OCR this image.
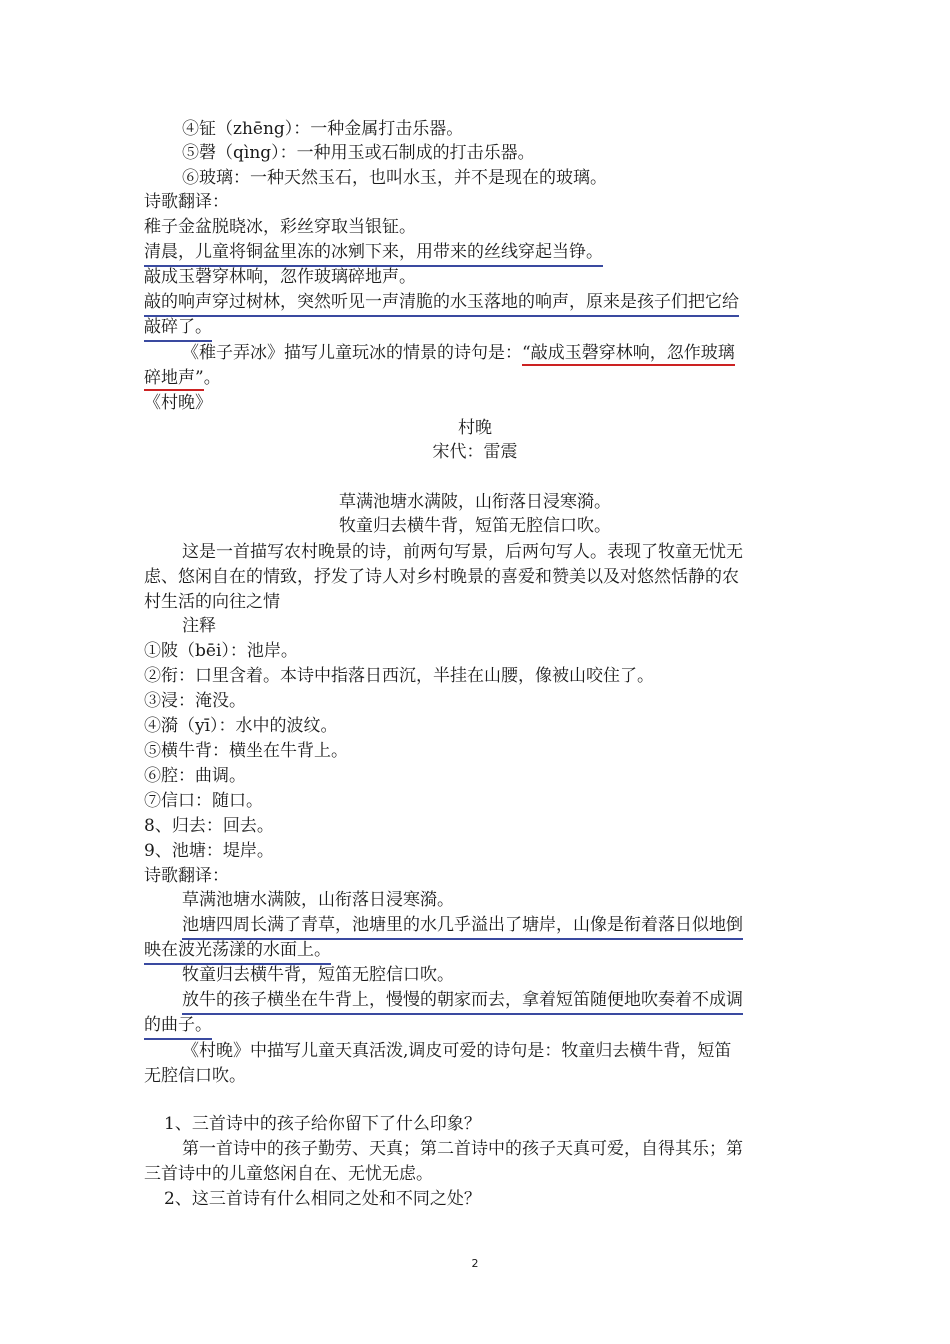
④钲（zhēng）：一种金属打击乐器。
⑤磬（qìng）：一种用玉或石制成的打击乐器。
⑥玻璃：一种天然玉石，也叫水玉，并不是现在的玻璃。
诗歌翻译：
稚子金盆脱晓冰，彩丝穿取当银钲。
清晨，儿童将铜盆里冻的冰剜下来，用带来的丝线穿起当铮。
敲成玉磬穿林响，忽作玻璃碎地声。
敲的响声穿过树林，突然听见一声清脆的水玉落地的响声，原来是孩子们把它给
敲碎了。
《稚子弄冰》描写儿童玩冰的情景的诗句是：“敲成玉磬穿林响，忽作玻璃
碎地声”。
《村晚》
村晚
宋代：雷震
草满池塘水满陂，山衔落日浸寒漪。
牧童归去横牛背，短笛无腔信口吹。
这是一首描写农村晚景的诗，前两句写景，后两句写人。表现了牧童无忧无
虑、悠闲自在的情致，抒发了诗人对乡村晚景的喜爱和赞美以及对悠然恬静的农
村生活的向往之情
注释
①陂（bēi）：池岸。
②衔：口里含着。本诗中指落日西沉，半挂在山腰，像被山咬住了。
③浸：淹没。
④漪（yī）：水中的波纹。
⑤横牛背：横坐在牛背上。
⑥腔：曲调。
⑦信口：随口。
8、归去：回去。
9、池塘：堤岸。
诗歌翻译：
草满池塘水满陂，山衔落日浸寒漪。
池塘四周长满了青草，池塘里的水几乎溢出了塘岸，山像是衔着落日似地倒
映在波光荡漾的水面上。
牧童归去横牛背，短笛无腔信口吹。
放牛的孩子横坐在牛背上，慢慢的朝家而去，拿着短笛随便地吹奏着不成调
的曲子。
《村晚》中描写儿童天真活泼,调皮可爱的诗句是：牧童归去横牛背，短笛
无腔信口吹。
1、三首诗中的孩子给你留下了什么印象？
第一首诗中的孩子勤劳、天真；第二首诗中的孩子天真可爱，自得其乐；第
三首诗中的儿童悠闲自在、无忧无虑。
2、这三首诗有什么相同之处和不同之处？
2
